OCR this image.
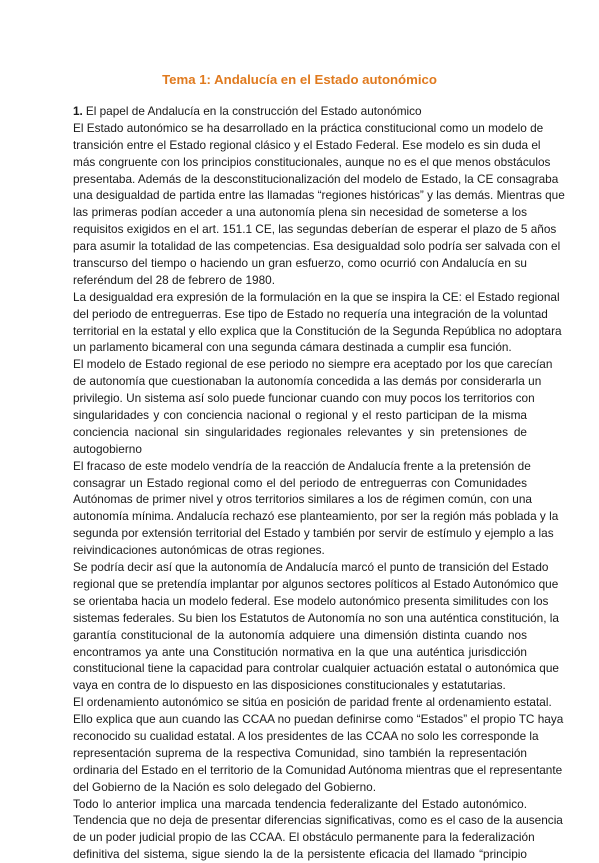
Tema 1: Andalucía en el Estado autonómico
1. El papel de Andalucía en la construcción del Estado autonómico
El Estado autonómico se ha desarrollado en la práctica constitucional como un modelo de
transición entre el Estado regional clásico y el Estado Federal. Ese modelo es sin duda el
más congruente con los principios constitucionales, aunque no es el que menos obstáculos
presentaba. Además de la desconstitucionalización del modelo de Estado, la CE consagraba
una desigualdad de partida entre las llamadas “regiones históricas” y las demás. Mientras que
las primeras podían acceder a una autonomía plena sin necesidad de someterse a los
requisitos exigidos en el art. 151.1 CE, las segundas deberían de esperar el plazo de 5 años
para asumir la totalidad de las competencias. Esa desigualdad solo podría ser salvada con el
transcurso del tiempo o haciendo un gran esfuerzo, como ocurrió con Andalucía en su
referéndum del 28 de febrero de 1980.
La desigualdad era expresión de la formulación en la que se inspira la CE: el Estado regional
del periodo de entreguerras. Ese tipo de Estado no requería una integración de la voluntad
territorial en la estatal y ello explica que la Constitución de la Segunda República no adoptara
un parlamento bicameral con una segunda cámara destinada a cumplir esa función.
El modelo de Estado regional de ese periodo no siempre era aceptado por los que carecían
de autonomía que cuestionaban la autonomía concedida a las demás por considerarla un
privilegio. Un sistema así solo puede funcionar cuando con muy pocos los territorios con
singularidades y con conciencia nacional o regional y el resto participan de la misma
conciencia nacional sin singularidades regionales relevantes y sin pretensiones de
autogobierno
El fracaso de este modelo vendría de la reacción de Andalucía frente a la pretensión de
consagrar un Estado regional como el del periodo de entreguerras con Comunidades
Autónomas de primer nivel y otros territorios similares a los de régimen común, con una
autonomía mínima. Andalucía rechazó ese planteamiento, por ser la región más poblada y la
segunda por extensión territorial del Estado y también por servir de estímulo y ejemplo a las
reivindicaciones autonómicas de otras regiones.
Se podría decir así que la autonomía de Andalucía marcó el punto de transición del Estado
regional que se pretendía implantar por algunos sectores políticos al Estado Autonómico que
se orientaba hacia un modelo federal. Ese modelo autonómico presenta similitudes con los
sistemas federales. Su bien los Estatutos de Autonomía no son una auténtica constitución, la
garantía constitucional de la autonomía adquiere una dimensión distinta cuando nos
encontramos ya ante una Constitución normativa en la que una auténtica jurisdicción
constitucional tiene la capacidad para controlar cualquier actuación estatal o autonómica que
vaya en contra de lo dispuesto en las disposiciones constitucionales y estatutarias.
El ordenamiento autonómico se sitúa en posición de paridad frente al ordenamiento estatal.
Ello explica que aun cuando las CCAA no puedan definirse como “Estados” el propio TC haya
reconocido su cualidad estatal. A los presidentes de las CCAA no solo les corresponde la
representación suprema de la respectiva Comunidad, sino también la representación
ordinaria del Estado en el territorio de la Comunidad Autónoma mientras que el representante
del Gobierno de la Nación es solo delegado del Gobierno.
Todo lo anterior implica una marcada tendencia federalizante del Estado autonómico.
Tendencia que no deja de presentar diferencias significativas, como es el caso de la ausencia
de un poder judicial propio de las CCAA. El obstáculo permanente para la federalización
definitiva del sistema, sigue siendo la de la persistente eficacia del llamado “principio
